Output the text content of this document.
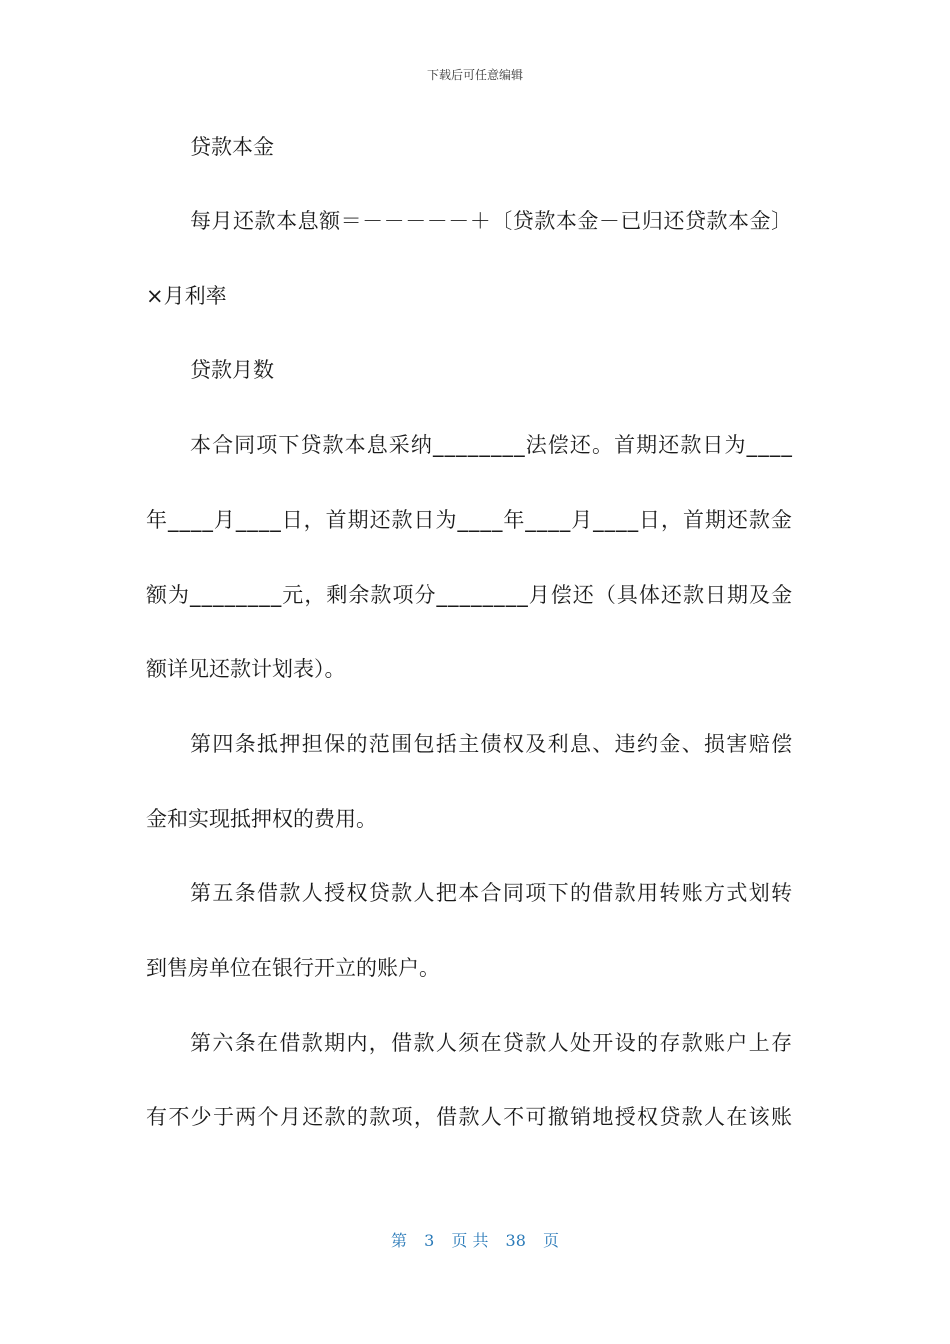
下载后可任意编辑
贷款本金
每月还款本息额＝－－－－－＋〔贷款本金－已归还贷款本金〕
×月利率
贷款月数
本合同项下贷款本息采纳________法偿还。首期还款日为____
年____月____日，首期还款日为____年____月____日，首期还款金
额为________元，剩余款项分________月偿还（具体还款日期及金
额详见还款计划表）。
第四条抵押担保的范围包括主债权及利息、违约金、损害赔偿
金和实现抵押权的费用。
第五条借款人授权贷款人把本合同项下的借款用转账方式划转
到售房单位在银行开立的账户。
第六条在借款期内，借款人须在贷款人处开设的存款账户上存
有不少于两个月还款的款项，借款人不可撤销地授权贷款人在该账
第 3 页 共 38 页
